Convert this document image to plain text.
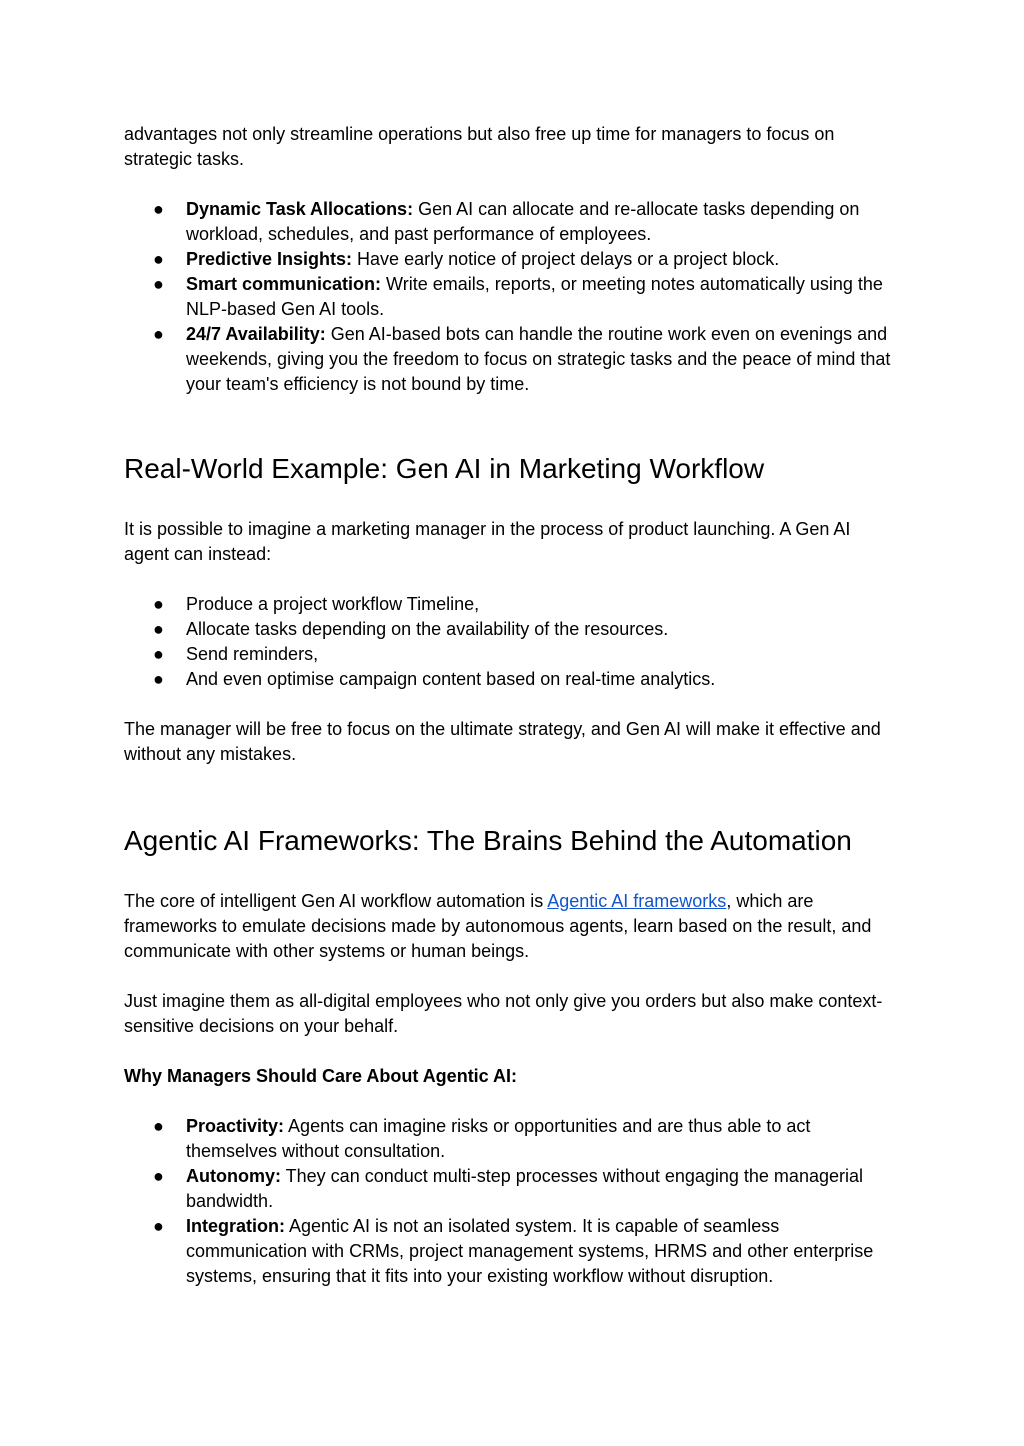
advantages not only streamline operations but also free up time for managers to focus on strategic tasks.

● Dynamic Task Allocations: Gen AI can allocate and re-allocate tasks depending on workload, schedules, and past performance of employees.
● Predictive Insights: Have early notice of project delays or a project block.
● Smart communication: Write emails, reports, or meeting notes automatically using the NLP-based Gen AI tools.
● 24/7 Availability: Gen AI-based bots can handle the routine work even on evenings and weekends, giving you the freedom to focus on strategic tasks and the peace of mind that your team's efficiency is not bound by time.
Real-World Example: Gen AI in Marketing Workflow

It is possible to imagine a marketing manager in the process of product launching. A Gen AI agent can instead:

● Produce a project workflow Timeline,
● Allocate tasks depending on the availability of the resources.
● Send reminders,
● And even optimise campaign content based on real-time analytics.

The manager will be free to focus on the ultimate strategy, and Gen AI will make it effective and without any mistakes.

Agentic AI Frameworks: The Brains Behind the Automation

The core of intelligent Gen AI workflow automation is Agentic AI frameworks, which are frameworks to emulate decisions made by autonomous agents, learn based on the result, and communicate with other systems or human beings.

Just imagine them as all-digital employees who not only give you orders but also make context-sensitive decisions on your behalf.

Why Managers Should Care About Agentic AI:

● Proactivity: Agents can imagine risks or opportunities and are thus able to act themselves without consultation.
● Autonomy: They can conduct multi-step processes without engaging the managerial bandwidth.
● Integration: Agentic AI is not an isolated system. It is capable of seamless communication with CRMs, project management systems, HRMS and other enterprise systems, ensuring that it fits into your existing workflow without disruption.
